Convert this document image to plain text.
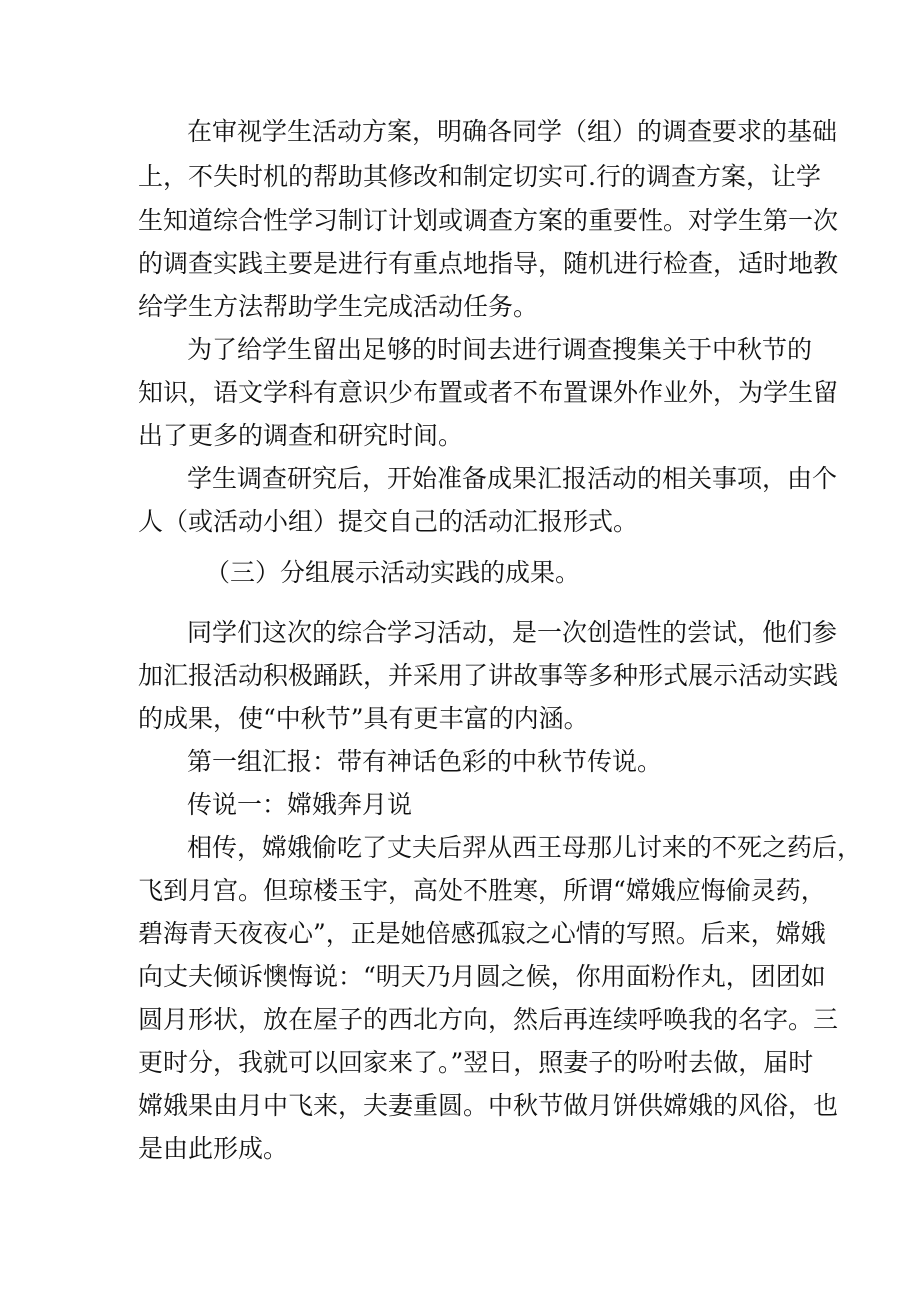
在审视学生活动方案，明确各同学（组）的调查要求的基础
上，不失时机的帮助其修改和制定切实可.行的调查方案，让学
生知道综合性学习制订计划或调查方案的重要性。对学生第一次
的调查实践主要是进行有重点地指导，随机进行检查，适时地教
给学生方法帮助学生完成活动任务。
为了给学生留出足够的时间去进行调查搜集关于中秋节的
知识，语文学科有意识少布置或者不布置课外作业外，为学生留
出了更多的调查和研究时间。
学生调查研究后，开始准备成果汇报活动的相关事项，由个
人（或活动小组）提交自己的活动汇报形式。
（三）分组展示活动实践的成果。
同学们这次的综合学习活动，是一次创造性的尝试，他们参
加汇报活动积极踊跃，并采用了讲故事等多种形式展示活动实践
的成果，使“中秋节”具有更丰富的内涵。
第一组汇报：带有神话色彩的中秋节传说。
传说一：嫦娥奔月说
相传，嫦娥偷吃了丈夫后羿从西王母那儿讨来的不死之药后，
飞到月宫。但琼楼玉宇，高处不胜寒，所谓“嫦娥应悔偷灵药，
碧海青天夜夜心”，正是她倍感孤寂之心情的写照。后来，嫦娥
向丈夫倾诉懊悔说：“明天乃月圆之候，你用面粉作丸，团团如
圆月形状，放在屋子的西北方向，然后再连续呼唤我的名字。三
更时分，我就可以回家来了。”翌日，照妻子的吩咐去做，届时
嫦娥果由月中飞来，夫妻重圆。中秋节做月饼供嫦娥的风俗，也
是由此形成。
